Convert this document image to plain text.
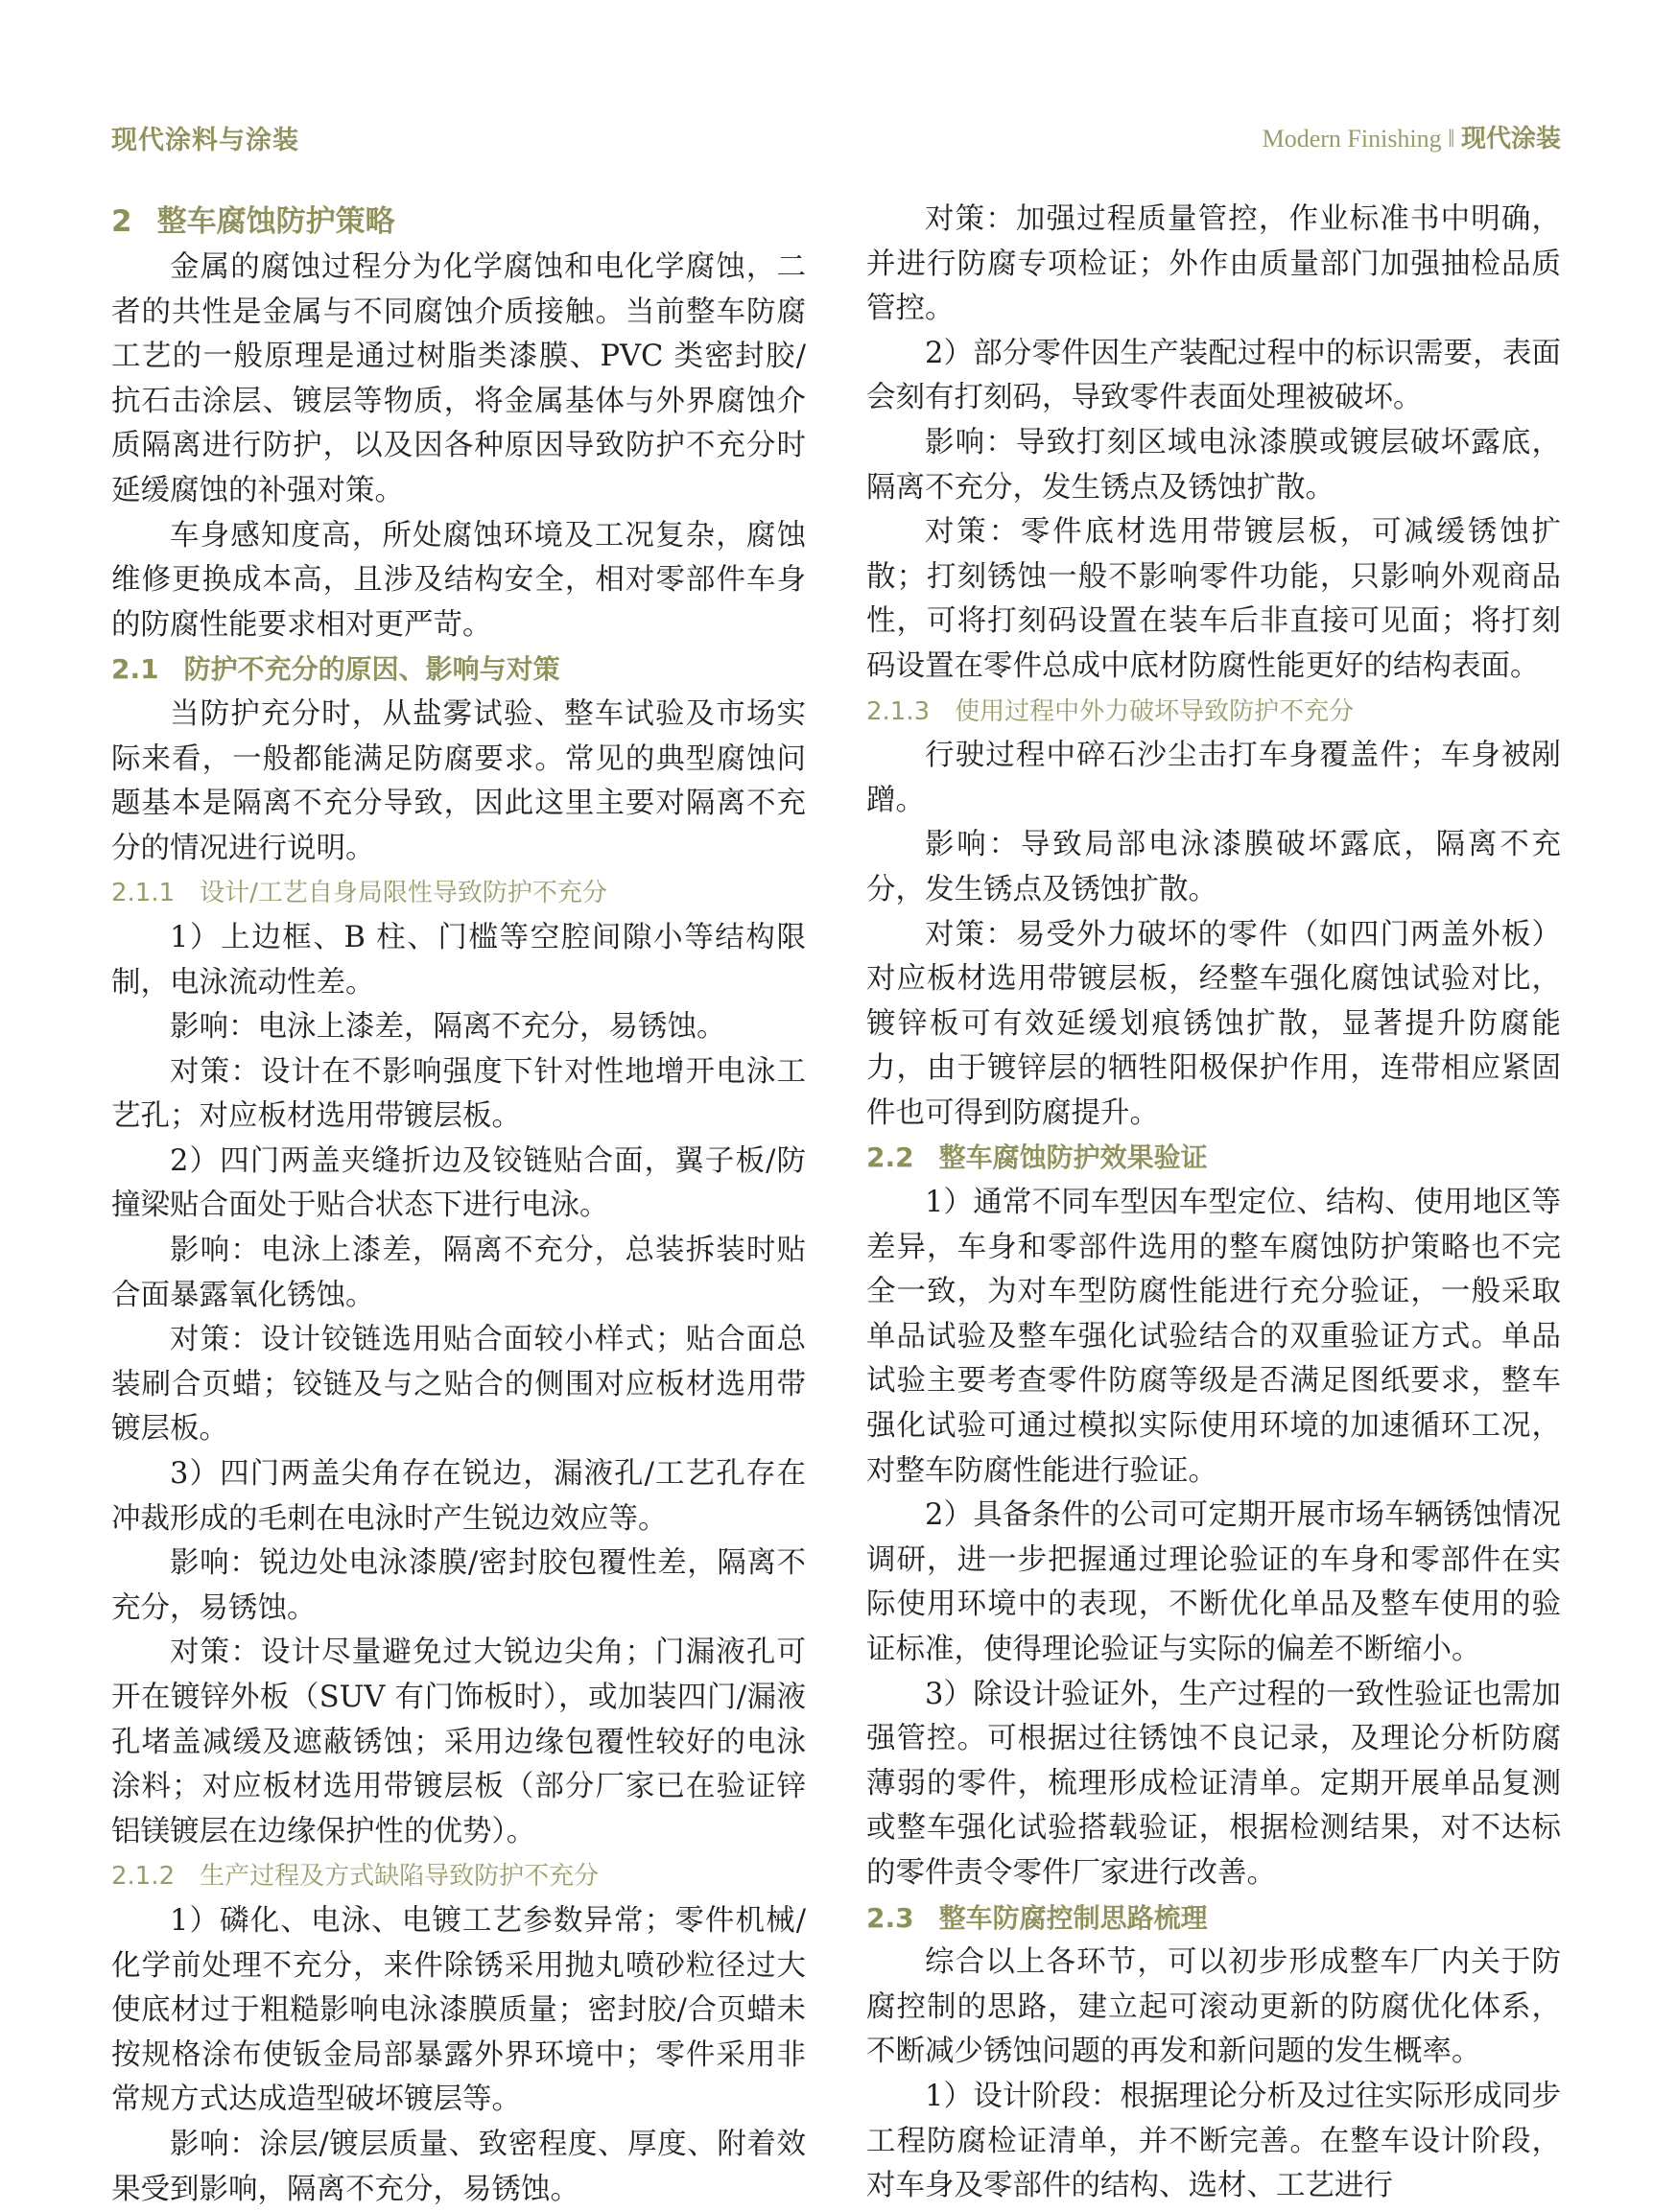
现代涂料与涂装	Modern Finishing ‖ 现代涂装
2 整车腐蚀防护策略

金属的腐蚀过程分为化学腐蚀和电化学腐蚀，二者的共性是金属与不同腐蚀介质接触。当前整车防腐工艺的一般原理是通过树脂类漆膜、PVC 类密封胶/抗石击涂层、镀层等物质，将金属基体与外界腐蚀介质隔离进行防护，以及因各种原因导致防护不充分时延缓腐蚀的补强对策。

车身感知度高，所处腐蚀环境及工况复杂，腐蚀维修更换成本高，且涉及结构安全，相对零部件车身的防腐性能要求相对更严苛。

2.1 防护不充分的原因、影响与对策

当防护充分时，从盐雾试验、整车试验及市场实际来看，一般都能满足防腐要求。常见的典型腐蚀问题基本是隔离不充分导致，因此这里主要对隔离不充分的情况进行说明。

2.1.1 设计/工艺自身局限性导致防护不充分

1）上边框、B 柱、门槛等空腔间隙小等结构限制，电泳流动性差。

影响：电泳上漆差，隔离不充分，易锈蚀。

对策：设计在不影响强度下针对性地增开电泳工艺孔；对应板材选用带镀层板。

2）四门两盖夹缝折边及铰链贴合面，翼子板/防撞梁贴合面处于贴合状态下进行电泳。

影响：电泳上漆差，隔离不充分，总装拆装时贴合面暴露氧化锈蚀。

对策：设计铰链选用贴合面较小样式；贴合面总装刷合页蜡；铰链及与之贴合的侧围对应板材选用带镀层板。

3）四门两盖尖角存在锐边，漏液孔/工艺孔存在冲裁形成的毛刺在电泳时产生锐边效应等。

影响：锐边处电泳漆膜/密封胶包覆性差，隔离不充分，易锈蚀。

对策：设计尽量避免过大锐边尖角；门漏液孔可开在镀锌外板（SUV 有门饰板时），或加装四门/漏液孔堵盖减缓及遮蔽锈蚀；采用边缘包覆性较好的电泳涂料；对应板材选用带镀层板（部分厂家已在验证锌铝镁镀层在边缘保护性的优势）。

2.1.2 生产过程及方式缺陷导致防护不充分

1）磷化、电泳、电镀工艺参数异常；零件机械/化学前处理不充分，来件除锈采用抛丸喷砂粒径过大使底材过于粗糙影响电泳漆膜质量；密封胶/合页蜡未按规格涂布使钣金局部暴露外界环境中；零件采用非常规方式达成造型破坏镀层等。

影响：涂层/镀层质量、致密程度、厚度、附着效果受到影响，隔离不充分，易锈蚀。

对策：加强过程质量管控，作业标准书中明确，并进行防腐专项检证；外作由质量部门加强抽检品质管控。

2）部分零件因生产装配过程中的标识需要，表面会刻有打刻码，导致零件表面处理被破坏。

影响：导致打刻区域电泳漆膜或镀层破坏露底，隔离不充分，发生锈点及锈蚀扩散。

对策：零件底材选用带镀层板，可减缓锈蚀扩散；打刻锈蚀一般不影响零件功能，只影响外观商品性，可将打刻码设置在装车后非直接可见面；将打刻码设置在零件总成中底材防腐性能更好的结构表面。

2.1.3 使用过程中外力破坏导致防护不充分

行驶过程中碎石沙尘击打车身覆盖件；车身被剐蹭。

影响：导致局部电泳漆膜破坏露底，隔离不充分，发生锈点及锈蚀扩散。

对策：易受外力破坏的零件（如四门两盖外板）对应板材选用带镀层板，经整车强化腐蚀试验对比，镀锌板可有效延缓划痕锈蚀扩散，显著提升防腐能力，由于镀锌层的牺牲阳极保护作用，连带相应紧固件也可得到防腐提升。

2.2 整车腐蚀防护效果验证

1）通常不同车型因车型定位、结构、使用地区等差异，车身和零部件选用的整车腐蚀防护策略也不完全一致，为对车型防腐性能进行充分验证，一般采取单品试验及整车强化试验结合的双重验证方式。单品试验主要考查零件防腐等级是否满足图纸要求，整车强化试验可通过模拟实际使用环境的加速循环工况，对整车防腐性能进行验证。

2）具备条件的公司可定期开展市场车辆锈蚀情况调研，进一步把握通过理论验证的车身和零部件在实际使用环境中的表现，不断优化单品及整车使用的验证标准，使得理论验证与实际的偏差不断缩小。

3）除设计验证外，生产过程的一致性验证也需加强管控。可根据过往锈蚀不良记录，及理论分析防腐薄弱的零件，梳理形成检证清单。定期开展单品复测或整车强化试验搭载验证，根据检测结果，对不达标的零件责令零件厂家进行改善。

2.3 整车防腐控制思路梳理

综合以上各环节，可以初步形成整车厂内关于防腐控制的思路，建立起可滚动更新的防腐优化体系，不断减少锈蚀问题的再发和新问题的发生概率。

1）设计阶段：根据理论分析及过往实际形成同步工程防腐检证清单，并不断完善。在整车设计阶段，对车身及零部件的结构、选材、工艺进行
